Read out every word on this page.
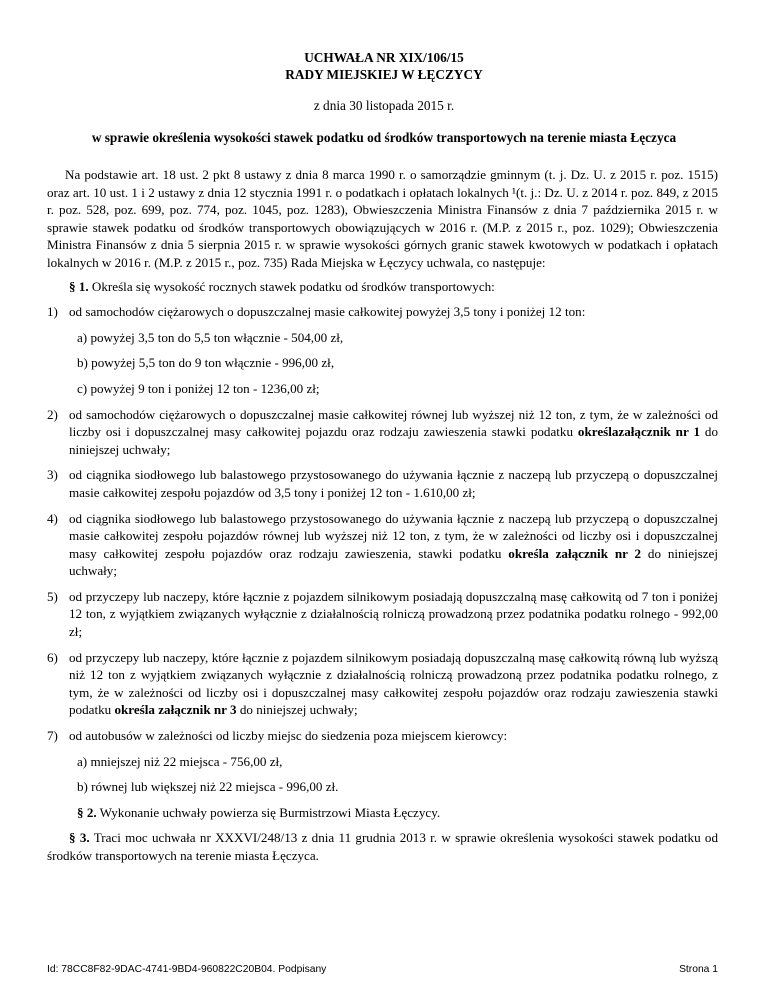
UCHWAŁA NR XIX/106/15
RADY MIEJSKIEJ W ŁĘCZYCY
z dnia 30 listopada 2015 r.
w sprawie określenia wysokości stawek podatku od środków transportowych na terenie miasta Łęczyca

Na podstawie art. 18 ust. 2 pkt 8 ustawy z dnia 8 marca 1990 r. o samorządzie gminnym (t. j. Dz. U. z 2015 r. poz. 1515) oraz art. 10 ust. 1 i 2 ustawy z dnia 12 stycznia 1991 r. o podatkach i opłatach lokalnych ¹(t. j.: Dz. U. z 2014 r. poz. 849, z 2015 r. poz. 528, poz. 699, poz. 774, poz. 1045, poz. 1283), Obwieszczenia Ministra Finansów z dnia 7 października 2015 r. w sprawie stawek podatku od środków transportowych obowiązujących w 2016 r. (M.P. z 2015 r., poz. 1029); Obwieszczenia Ministra Finansów z dnia 5 sierpnia 2015 r. w sprawie wysokości górnych granic stawek kwotowych w podatkach i opłatach lokalnych w 2016 r. (M.P. z 2015 r., poz. 735) Rada Miejska w Łęczycy uchwala, co następuje:

§ 1. Określa się wysokość rocznych stawek podatku od środków transportowych:

1) od samochodów ciężarowych o dopuszczalnej masie całkowitej powyżej 3,5 tony i poniżej 12 ton:

a) powyżej 3,5 ton do 5,5 ton włącznie - 504,00 zł,

b) powyżej 5,5 ton do 9 ton włącznie - 996,00 zł,

c) powyżej 9 ton i poniżej 12 ton - 1236,00 zł;

2) od samochodów ciężarowych o dopuszczalnej masie całkowitej równej lub wyższej niż 12 ton, z tym, że w zależności od liczby osi i dopuszczalnej masy całkowitej pojazdu oraz rodzaju zawieszenia stawki podatku określazałącznik nr 1 do niniejszej uchwały;
3) od ciągnika siodłowego lub balastowego przystosowanego do używania łącznie z naczepą lub przyczepą o dopuszczalnej masie całkowitej zespołu pojazdów od 3,5 tony i poniżej 12 ton - 1.610,00 zł;
4) od ciągnika siodłowego lub balastowego przystosowanego do używania łącznie z naczepą lub przyczepą o dopuszczalnej masie całkowitej zespołu pojazdów równej lub wyższej niż 12 ton, z tym, że w zależności od liczby osi i dopuszczalnej masy całkowitej zespołu pojazdów oraz rodzaju zawieszenia, stawki podatku określa załącznik nr 2 do niniejszej uchwały;
5) od przyczepy lub naczepy, które łącznie z pojazdem silnikowym posiadają dopuszczalną masę całkowitą od 7 ton i poniżej 12 ton, z wyjątkiem związanych wyłącznie z działalnością rolniczą prowadzoną przez podatnika podatku rolnego - 992,00 zł;
6) od przyczepy lub naczepy, które łącznie z pojazdem silnikowym posiadają dopuszczalną masę całkowitą równą lub wyższą niż 12 ton z wyjątkiem związanych wyłącznie z działalnością rolniczą prowadzoną przez podatnika podatku rolnego, z tym, że w zależności od liczby osi i dopuszczalnej masy całkowitej zespołu pojazdów oraz rodzaju zawieszenia stawki podatku określa załącznik nr 3 do niniejszej uchwały;
7) od autobusów w zależności od liczby miejsc do siedzenia poza miejscem kierowcy:

a) mniejszej niż 22 miejsca - 756,00 zł,

b) równej lub większej niż 22 miejsca - 996,00 zł.

§ 2. Wykonanie uchwały powierza się Burmistrzowi Miasta Łęczycy.

§ 3. Traci moc uchwała nr XXXVI/248/13 z dnia 11 grudnia 2013 r. w sprawie określenia wysokości stawek podatku od środków transportowych na terenie miasta Łęczyca.

Id: 78CC8F82-9DAC-4741-9BD4-960822C20B04. Podpisany	Strona 1
